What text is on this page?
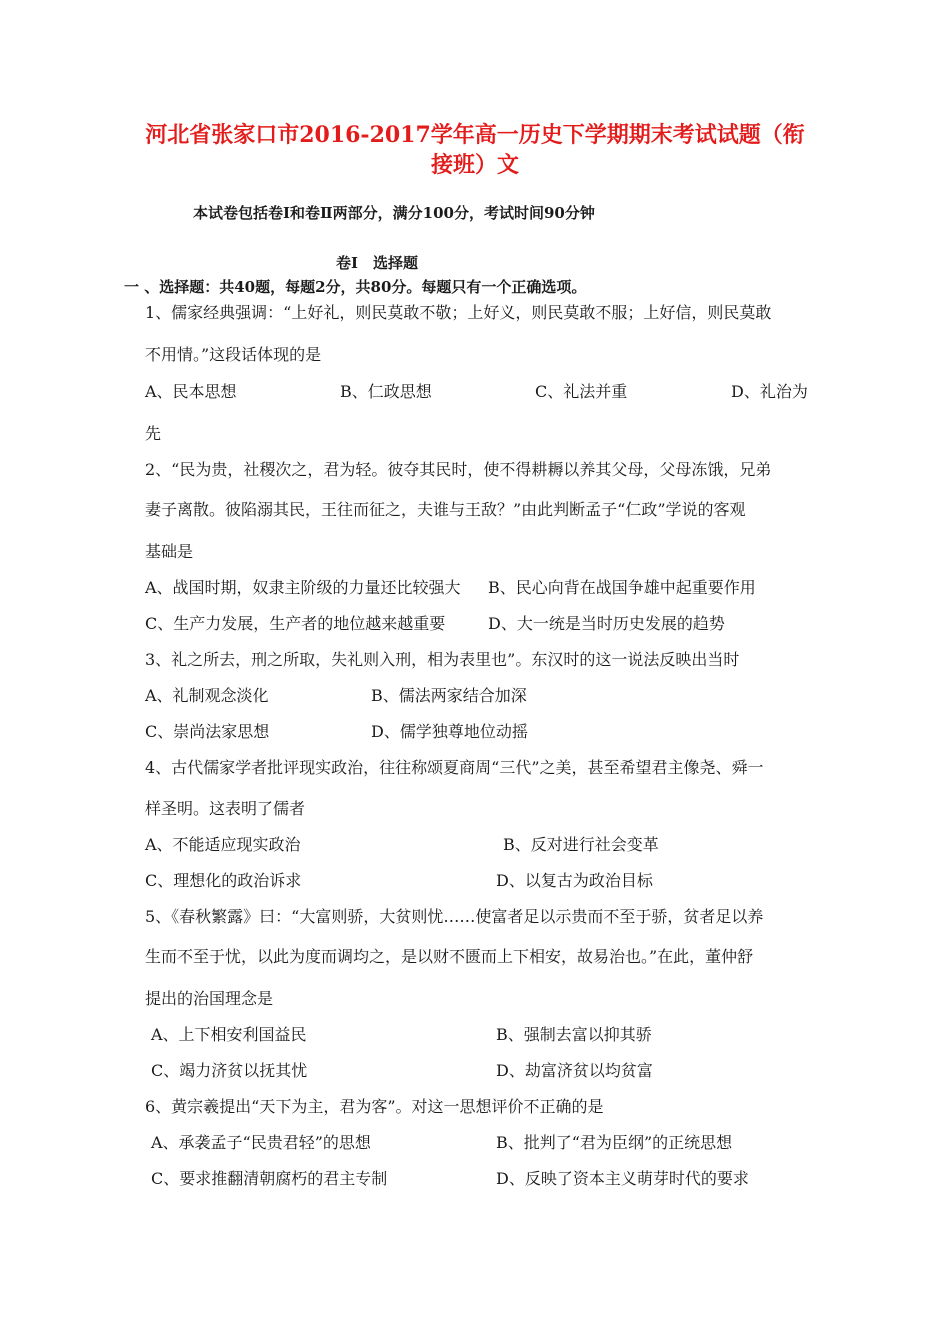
河北省张家口市2016-2017学年高一历史下学期期末考试试题（衔
接班）文
本试卷包括卷Ⅰ和卷Ⅱ两部分，满分100分，考试时间90分钟
卷Ⅰ　选择题
一 、选择题：共40题，每题2分，共80分。每题只有一个正确选项。
1、儒家经典强调：“上好礼，则民莫敢不敬；上好义，则民莫敢不服；上好信，则民莫敢
不用情。”这段话体现的是
A、民本思想	B、仁政思想	C、礼法并重	D、礼治为
先
2、“民为贵，社稷次之，君为轻。彼夺其民时，使不得耕耨以养其父母，父母冻饿，兄弟
妻子离散。彼陷溺其民，王往而征之，夫谁与王敌？”由此判断孟子“仁政”学说的客观
基础是
A、战国时期，奴隶主阶级的力量还比较强大 B、民心向背在战国争雄中起重要作用
C、生产力发展，生产者的地位越来越重要	D、大一统是当时历史发展的趋势
3、礼之所去，刑之所取，失礼则入刑，相为表里也”。东汉时的这一说法反映出当时
A、礼制观念淡化	B、儒法两家结合加深
C、崇尚法家思想	D、儒学独尊地位动摇
4、古代儒家学者批评现实政治，往往称颂夏商周“三代”之美，甚至希望君主像尧、舜一
样圣明。这表明了儒者
A、不能适应现实政治	B、反对进行社会变革
C、理想化的政治诉求	D、以复古为政治目标
5、《春秋繁露》曰：“大富则骄，大贫则忧……使富者足以示贵而不至于骄，贫者足以养
生而不至于忧，以此为度而调均之，是以财不匮而上下相安，故易治也。”在此，董仲舒
提出的治国理念是
A、上下相安利国益民	B、强制去富以抑其骄
C、竭力济贫以抚其忧	D、劫富济贫以均贫富
6、黄宗羲提出“天下为主，君为客”。对这一思想评价不正确的是
A、承袭孟子“民贵君轻”的思想	B、批判了“君为臣纲”的正统思想
C、要求推翻清朝腐朽的君主专制	D、反映了资本主义萌芽时代的要求
